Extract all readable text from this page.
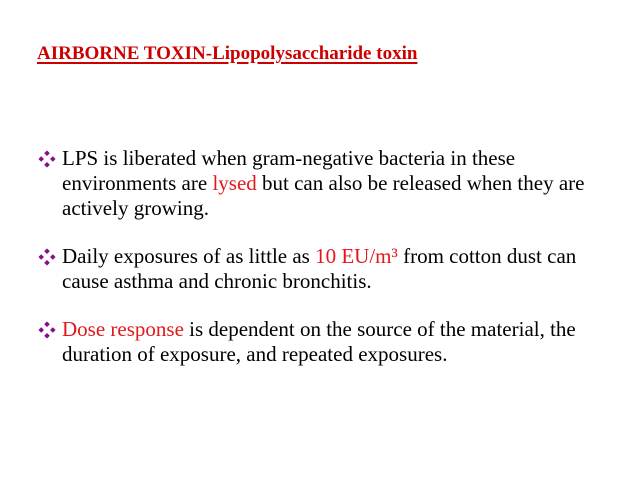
AIRBORNE TOXIN-Lipopolysaccharide toxin
LPS is liberated when gram-negative bacteria in these environments are lysed but can also be released when they are actively growing.
Daily exposures of as little as 10 EU/m³ from cotton dust can cause asthma and chronic bronchitis.
Dose response is dependent on the source of the material, the duration of exposure, and repeated exposures.
